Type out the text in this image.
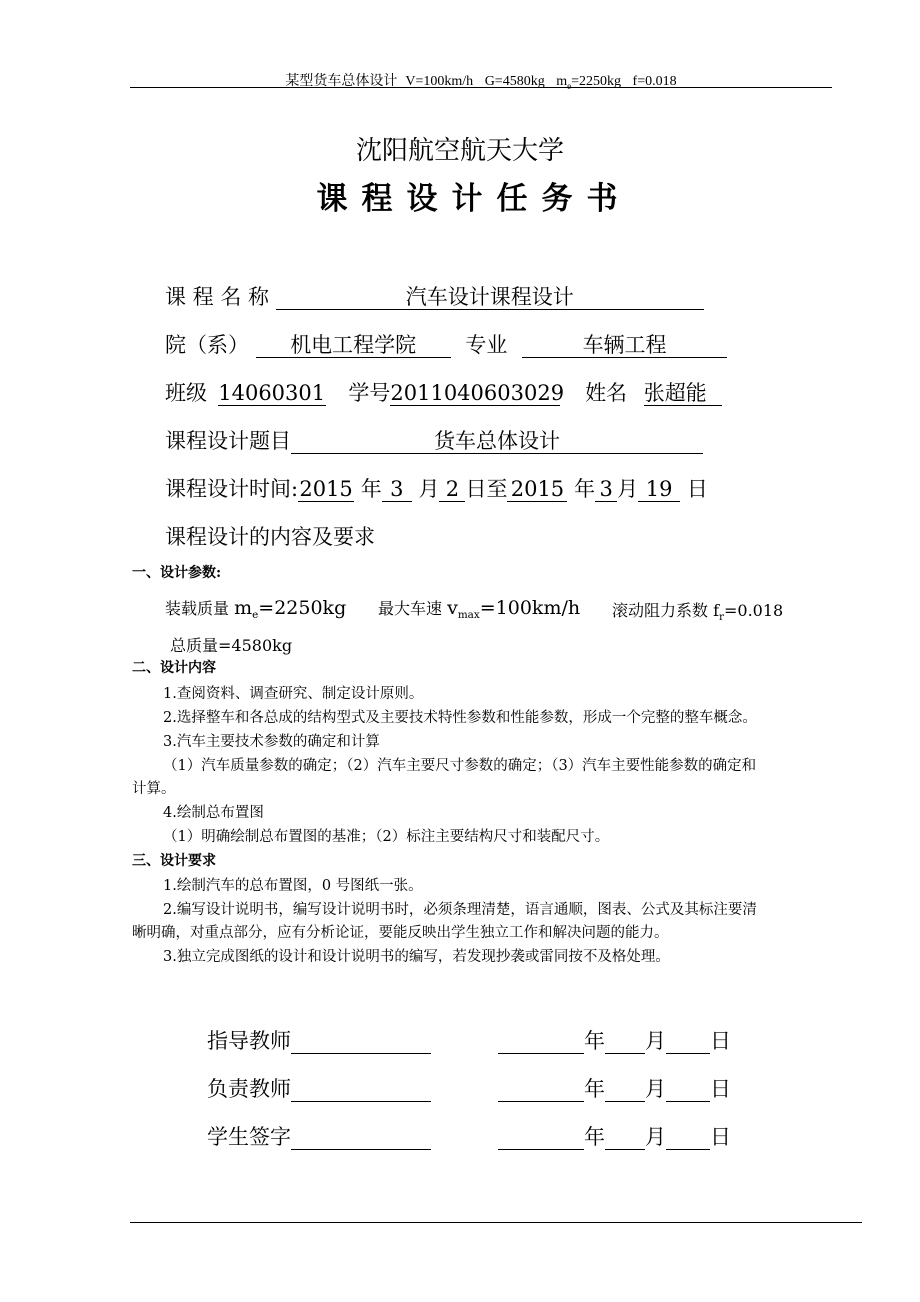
某型货车总体设计 V=100km/h G=4580kg $m_e=2250kg$ f=0.018
沈阳航空航天大学
课程设计任务书
课 程 名 称	汽车设计课程设计
院（系） 机电工程学院 专业	车辆工程
班级 14060301 学号2011040603029 姓名 张超能
课程设计题目	货车总体设计
课程设计时间:2015 年 3 月 2 日至 2015 年 3 月 19 日
课程设计的内容及要求
一、设计参数:
装载质量 $m_e=2250kg$ 最大车速 $v_{max}=100km/h$ 滚动阻力系数 $f_r=0.018$
总质量=4580kg
二、设计内容
1.查阅资料、调查研究、制定设计原则。
2.选择整车和各总成的结构型式及主要技术特性参数和性能参数，形成一个完整的整车概念。
3.汽车主要技术参数的确定和计算
（1）汽车质量参数的确定；（2）汽车主要尺寸参数的确定；（3）汽车主要性能参数的确定和
计算。
4.绘制总布置图
（1）明确绘制总布置图的基准；（2）标注主要结构尺寸和装配尺寸。
三、设计要求
1.绘制汽车的总布置图，0 号图纸一张。
2.编写设计说明书，编写设计说明书时，必须条理清楚，语言通顺，图表、公式及其标注要清
晰明确，对重点部分，应有分析论证，要能反映出学生独立工作和解决问题的能力。
3.独立完成图纸的设计和设计说明书的编写，若发现抄袭或雷同按不及格处理。
指导教师	年 月 日
负责教师	年 月 日
学生签字	年 月 日
